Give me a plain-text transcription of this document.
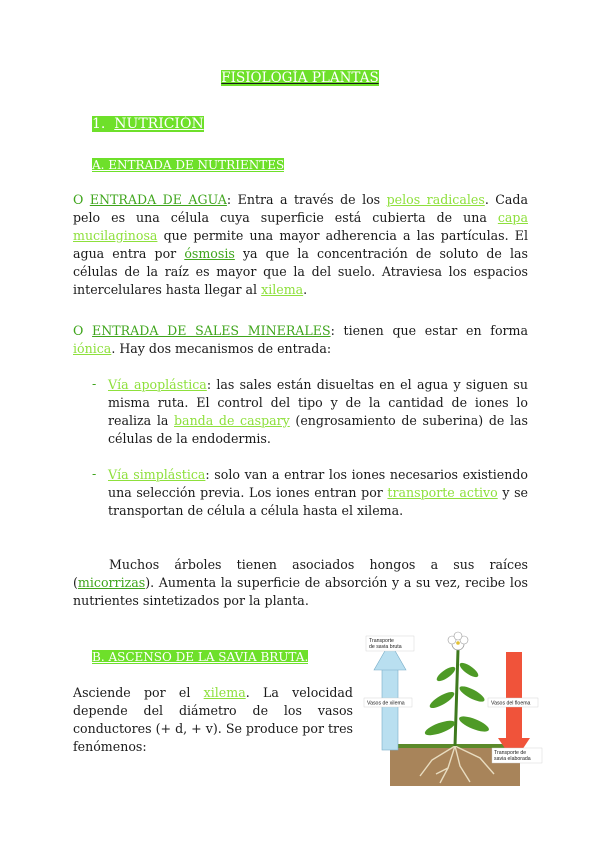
FISIOLOGÍA PLANTAS
1. NUTRICIÓN
A. ENTRADA DE NUTRIENTES

O ENTRADA DE AGUA: Entra a través de los pelos radicales. Cada pelo es una célula cuya superficie está cubierta de una capa mucilaginosa que permite una mayor adherencia a las partículas. El agua entra por ósmosis ya que la concentración de soluto de las células de la raíz es mayor que la del suelo. Atraviesa los espacios intercelulares hasta llegar al xilema.

O ENTRADA DE SALES MINERALES: tienen que estar en forma iónica. Hay dos mecanismos de entrada:

- Vía apoplástica: las sales están disueltas en el agua y siguen su misma ruta. El control del tipo y de la cantidad de iones lo realiza la banda de caspary (engrosamiento de suberina) de las células de la endodermis.

- Vía simplástica: solo van a entrar los iones necesarios existiendo una selección previa. Los iones entran por transporte activo y se transportan de célula a célula hasta el xilema.

Muchos árboles tienen asociados hongos a sus raíces (micorrizas). Aumenta la superficie de absorción y a su vez, recibe los nutrientes sintetizados por la planta.

B. ASCENSO DE LA SAVIA BRUTA.

Asciende por el xilema. La velocidad depende del diámetro de los vasos conductores (+ d, + v). Se produce por tres fenómenos:

Transporte de savia bruta
Vasos de xilema	Vasos del floema
Transporte de savia elaborada
